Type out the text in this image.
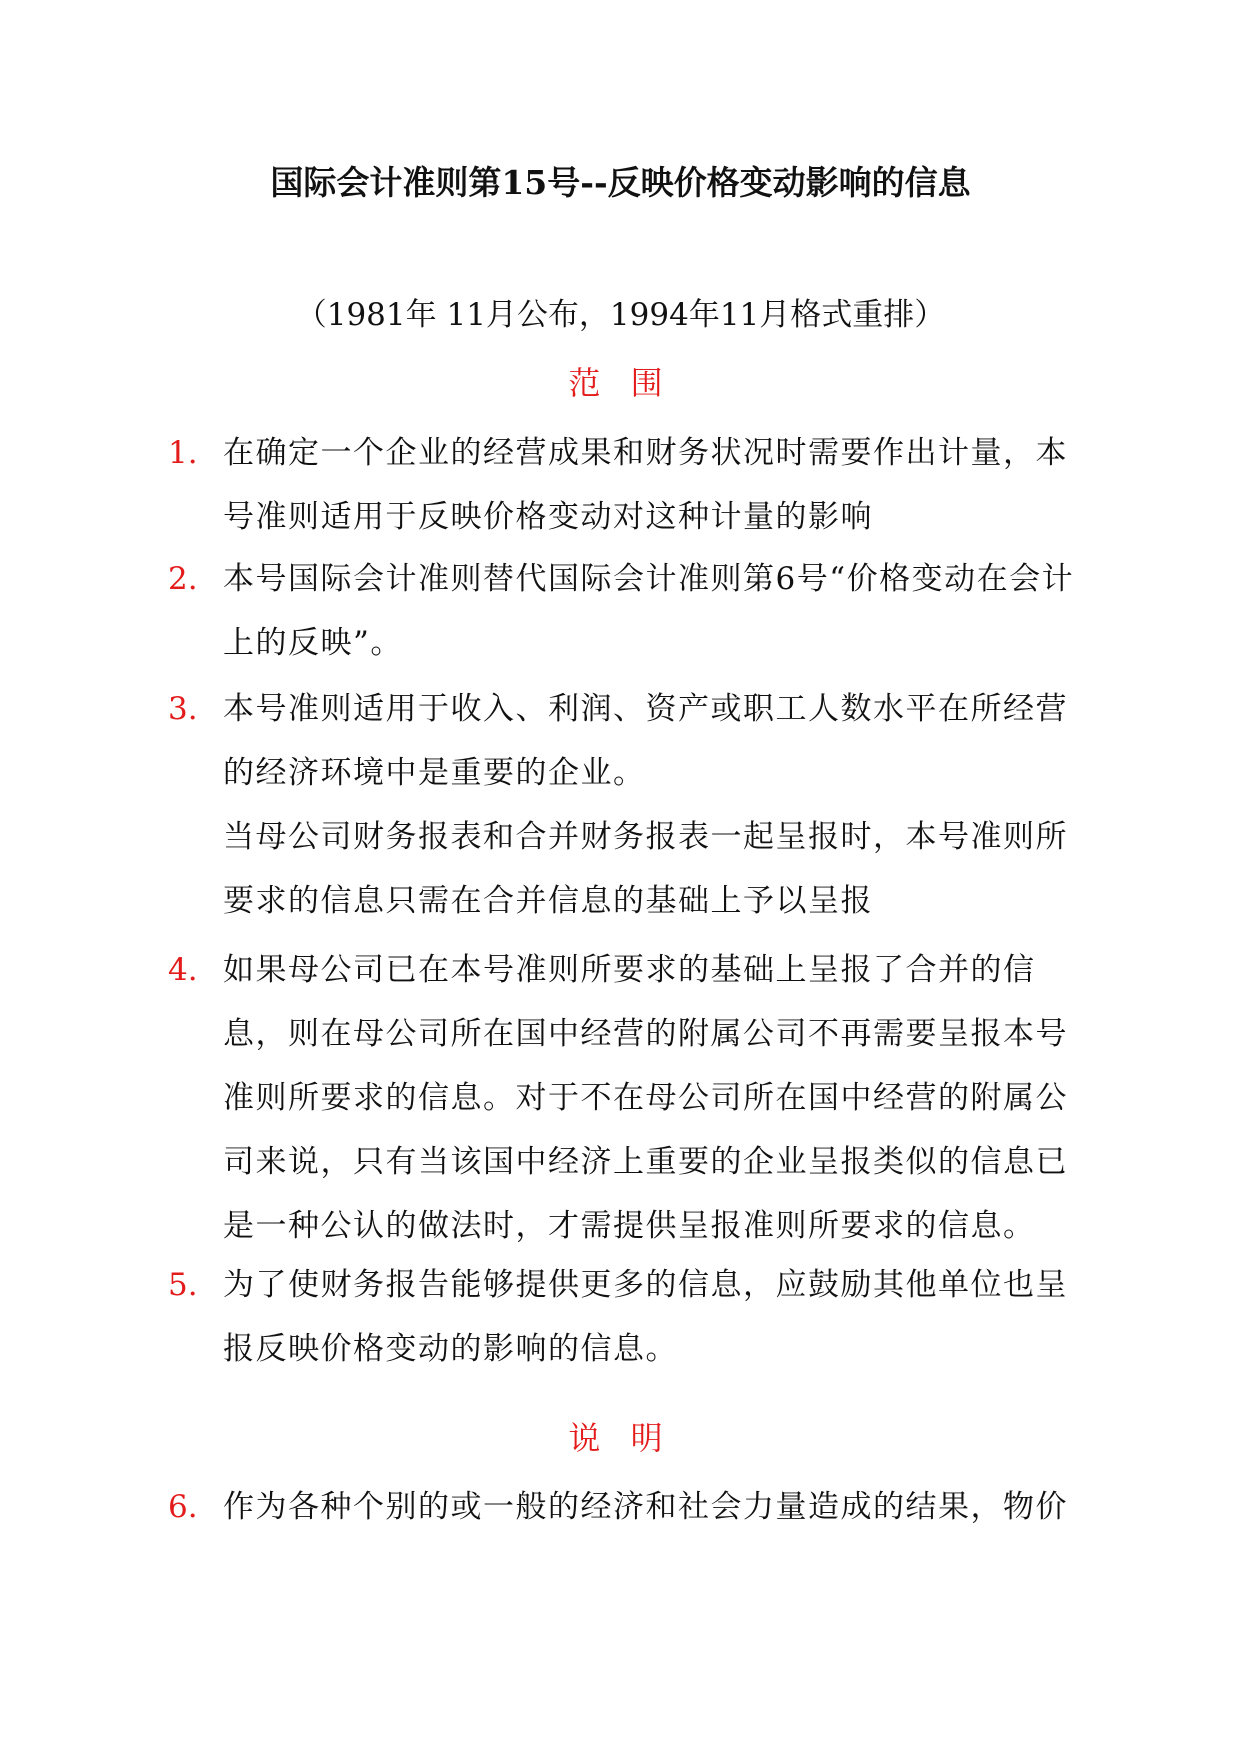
国际会计准则第15号--反映价格变动影响的信息
（1981年 11月公布，1994年11月格式重排）
范 围
1. 在确定一个企业的经营成果和财务状况时需要作出计量，本号准则适用于反映价格变动对这种计量的影响
2. 本号国际会计准则替代国际会计准则第6号“价格变动在会计上的反映”。
3. 本号准则适用于收入、利润、资产或职工人数水平在所经营的经济环境中是重要的企业。
当母公司财务报表和合并财务报表一起呈报时，本号准则所要求的信息只需在合并信息的基础上予以呈报
4. 如果母公司已在本号准则所要求的基础上呈报了合并的信息，则在母公司所在国中经营的附属公司不再需要呈报本号准则所要求的信息。对于不在母公司所在国中经营的附属公司来说，只有当该国中经济上重要的企业呈报类似的信息已是一种公认的做法时，才需提供呈报准则所要求的信息。
5. 为了使财务报告能够提供更多的信息，应鼓励其他单位也呈报反映价格变动的影响的信息。
说 明
6. 作为各种个别的或一般的经济和社会力量造成的结果，物价
